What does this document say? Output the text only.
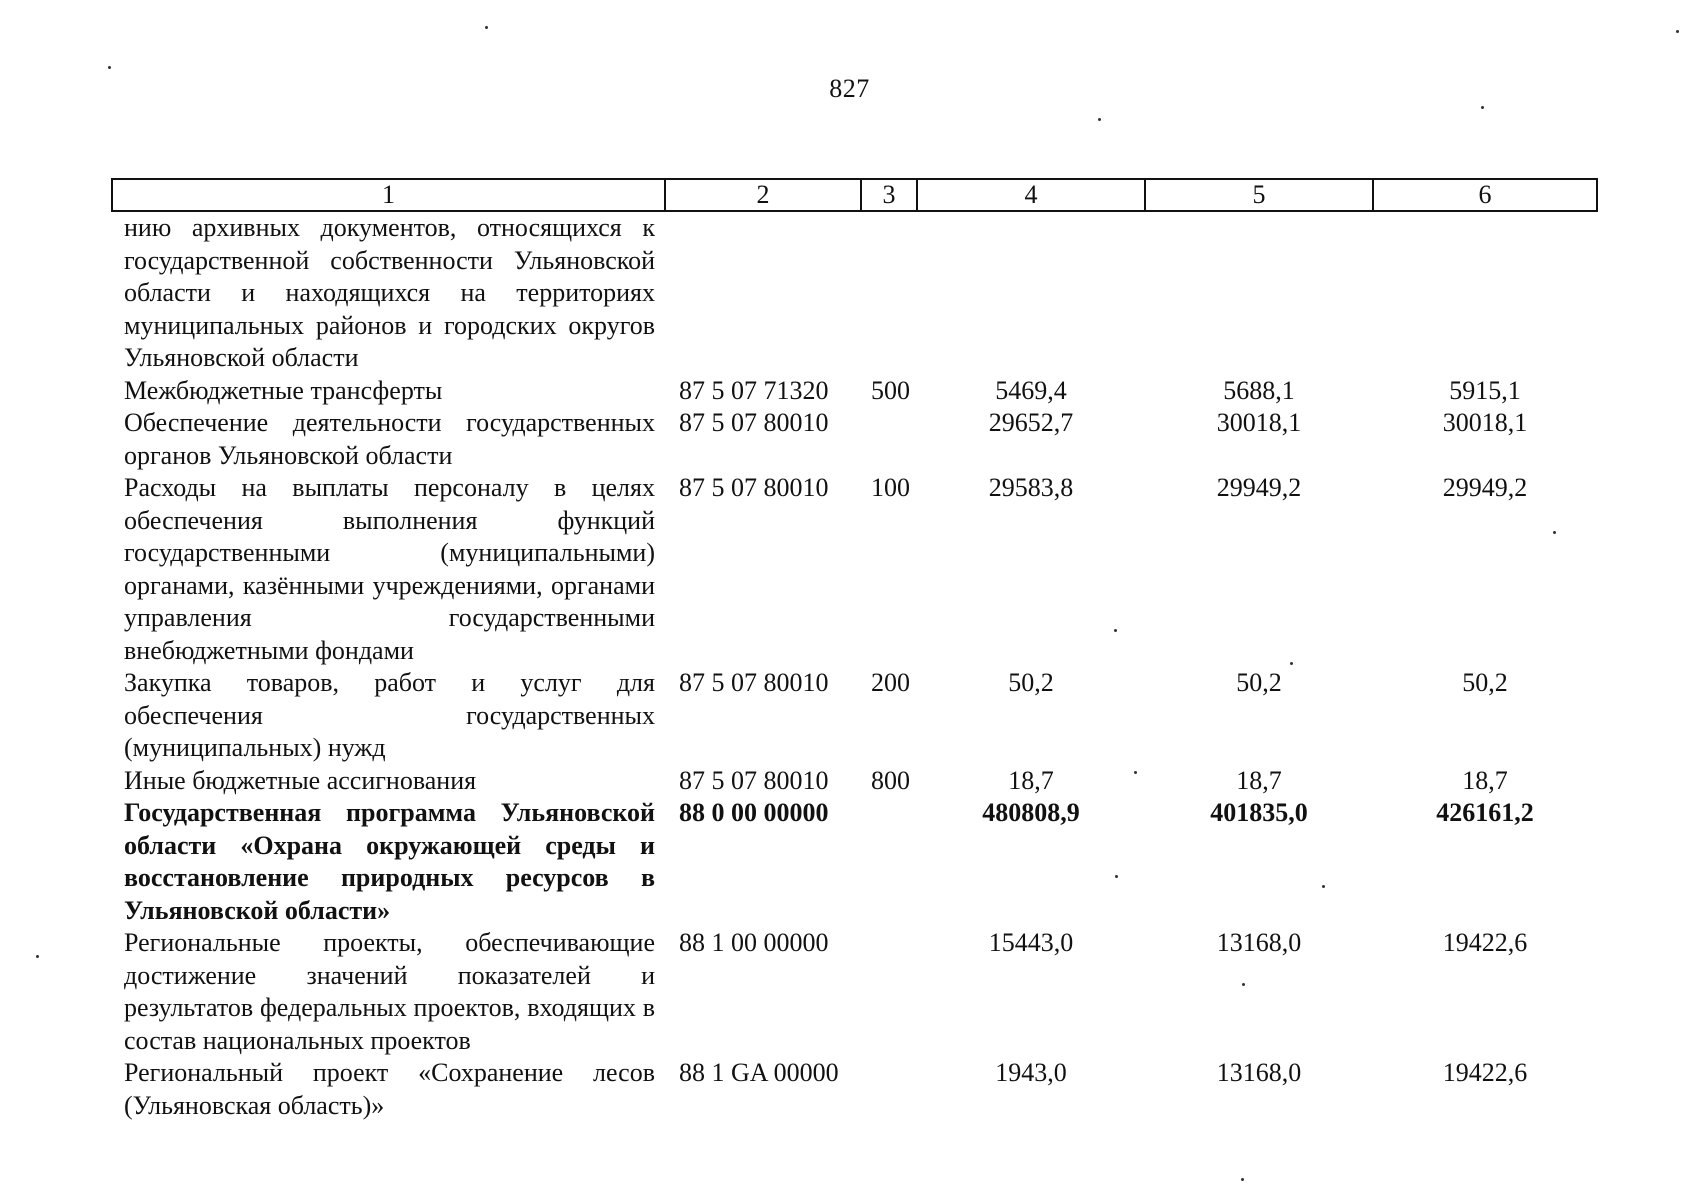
827
1	2	3	4	5	6
нию архивных документов, относящихся к государственной собственности Ульяновской области и находящихся на территориях муниципальных районов и городских округов Ульяновской области					
Межбюджетные трансферты	87 5 07 71320	500	5469,4	5688,1	5915,1
Обеспечение деятельности государственных органов Ульяновской области	87 5 07 80010		29652,7	30018,1	30018,1
Расходы на выплаты персоналу в целях обеспечения выполнения функций государственными (муниципальными) органами, казёнными учреждениями, органами управления государственными внебюджетными фондами	87 5 07 80010	100	29583,8	29949,2	29949,2
Закупка товаров, работ и услуг для обеспечения государственных (муниципальных) нужд	87 5 07 80010	200	50,2	50,2	50,2
Иные бюджетные ассигнования	87 5 07 80010	800	18,7	18,7	18,7
Государственная программа Ульяновской области «Охрана окружающей среды и восстановление природных ресурсов в Ульяновской области»	88 0 00 00000		480808,9	401835,0	426161,2
Региональные проекты, обеспечивающие достижение значений показателей и результатов федеральных проектов, входящих в состав национальных проектов	88 1 00 00000		15443,0	13168,0	19422,6
Региональный проект «Сохранение лесов (Ульяновская область)»	88 1 GA 00000		1943,0	13168,0	19422,6
